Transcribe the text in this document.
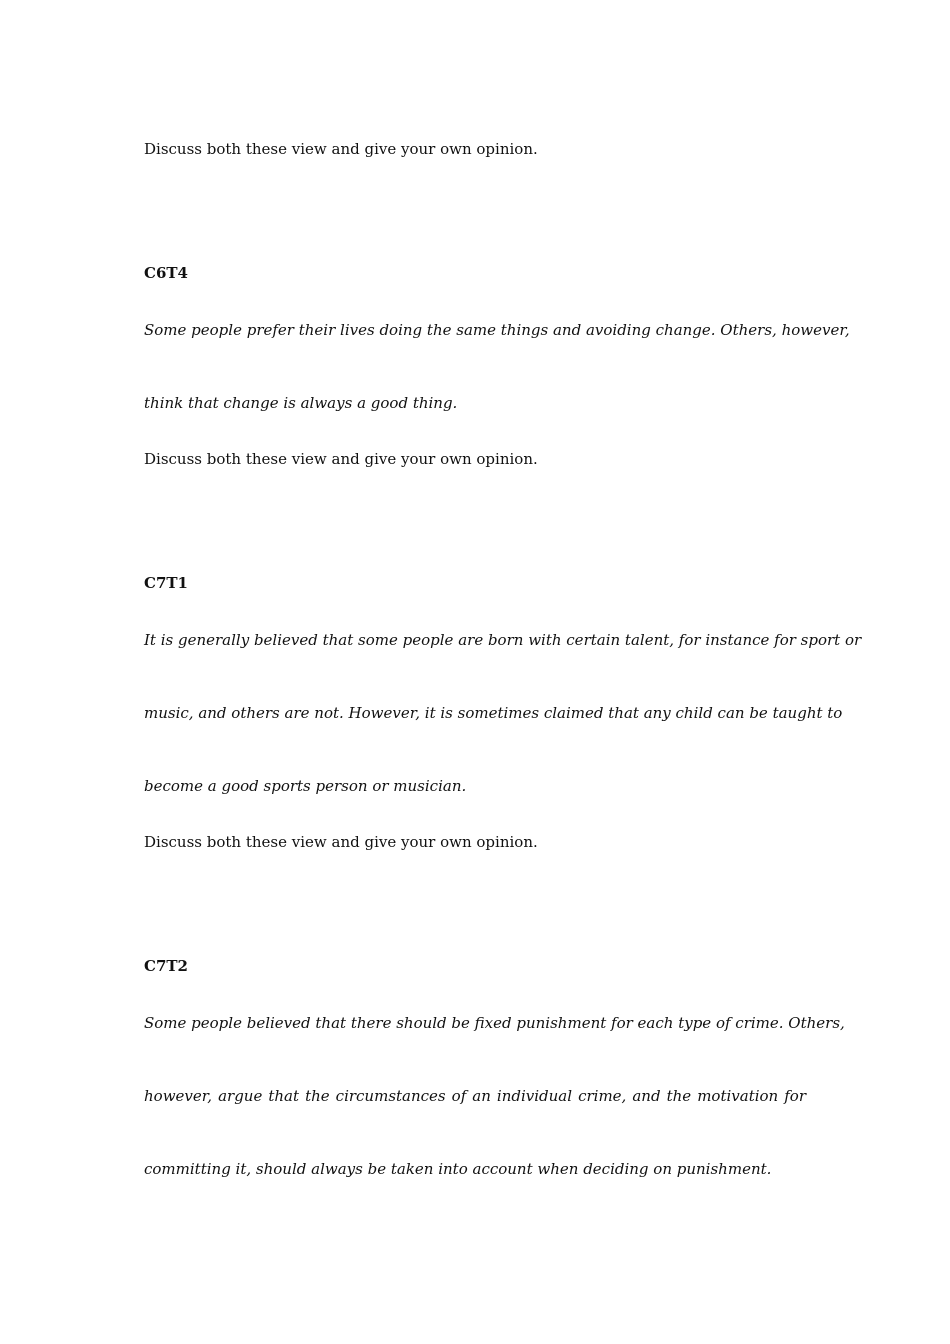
Discuss both these view and give your own opinion.
C6T4
Some people prefer their lives doing the same things and avoiding change. Others, however,
think that change is always a good thing.
Discuss both these view and give your own opinion.
C7T1
It is generally believed that some people are born with certain talent, for instance for sport or
music, and others are not. However, it is sometimes claimed that any child can be taught to
become a good sports person or musician.
Discuss both these view and give your own opinion.
C7T2
Some people believed that there should be fixed punishment for each type of crime. Others,
however, argue that the circumstances of an individual crime, and the motivation for
committing it, should always be taken into account when deciding on punishment.
